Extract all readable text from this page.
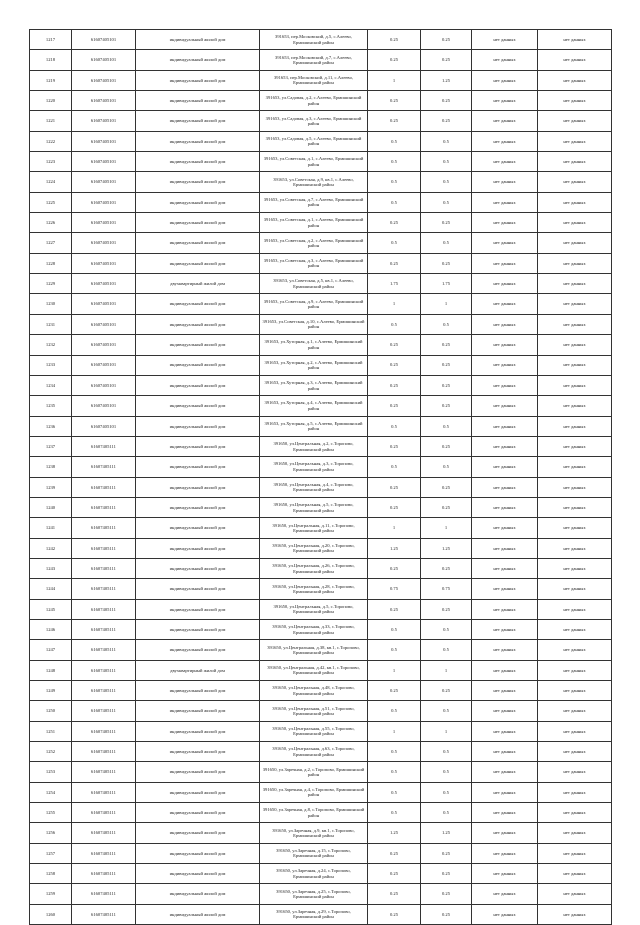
1217	61607405101	индивидуальный жилой дом	391653, пер.Московский, д.5, с.Алеево, Ермишинский район	0.25	0.25	нет данных	нет данных
1218	61607405101	индивидуальный жилой дом	391653, пер.Московский, д.7, с.Алеево, Ермишинский район	0.25	0.25	нет данных	нет данных
1219	61607405101	индивидуальный жилой дом	391653, пер.Московский, д.11, с.Алеево, Ермишинский район	1	1.25	нет данных	нет данных
1220	61607405101	индивидуальный жилой дом	391653, ул.Садовая, д.2, с.Алеево, Ермишинский район	0.25	0.25	нет данных	нет данных
1221	61607405101	индивидуальный жилой дом	391653, ул.Садовая, д.3, с.Алеево, Ермишинский район	0.25	0.25	нет данных	нет данных
1222	61607405101	индивидуальный жилой дом	391653, ул.Садовая, д.5, с.Алеево, Ермишинский район	0.5	0.5	нет данных	нет данных
1223	61607405101	индивидуальный жилой дом	391653, ул.Советская, д.1, с.Алеево, Ермишинский район	0.5	0.5	нет данных	нет данных
1224	61607405101	индивидуальный жилой дом	391653, ул.Советская, д.9, кв.1, с.Алеево, Ермишинский район	0.5	0.5	нет данных	нет данных
1225	61607405101	индивидуальный жилой дом	391653, ул.Советская, д.7, с.Алеево, Ермишинский район	0.5	0.5	нет данных	нет данных
1226	61607405101	индивидуальный жилой дом	391653, ул.Советская, д.1, с.Алеево, Ермишинский район	0.25	0.25	нет данных	нет данных
1227	61607405101	индивидуальный жилой дом	391653, ул.Советская, д.2, с.Алеево, Ермишинский район	0.5	0.5	нет данных	нет данных
1228	61607405101	индивидуальный жилой дом	391653, ул.Советская, д.3, с.Алеево, Ермишинский район	0.25	0.25	нет данных	нет данных
1229	61607405101	двухквартирный жилой дом	391653, ул.Советская, д.5, кв.1, с.Алеево, Ермишинский район	1.75	1.75	нет данных	нет данных
1230	61607405101	индивидуальный жилой дом	391653, ул.Советская, д.9, с.Алеево, Ермишинский район	1	1	нет данных	нет данных
1231	61607405101	индивидуальный жилой дом	391653, ул.Советская, д.10, с.Алеево, Ермишинский район	0.5	0.5	нет данных	нет данных
1232	61607405101	индивидуальный жилой дом	391653, ул.Хуторная, д.1, с.Алеево, Ермишинский район	0.25	0.25	нет данных	нет данных
1233	61607405101	индивидуальный жилой дом	391653, ул.Хуторная, д.2, с.Алеево, Ермишинский район	0.25	0.25	нет данных	нет данных
1234	61607405101	индивидуальный жилой дом	391653, ул.Хуторная, д.3, с.Алеево, Ермишинский район	0.25	0.25	нет данных	нет данных
1235	61607405101	индивидуальный жилой дом	391653, ул.Хуторная, д.4, с.Алеево, Ермишинский район	0.25	0.25	нет данных	нет данных
1236	61607405101	индивидуальный жилой дом	391653, ул.Хуторная, д.5, с.Алеево, Ермишинский район	0.5	0.5	нет данных	нет данных
1237	61607405111	индивидуальный жилой дом	391650, ул.Центральная, д.2, с.Торопово, Ермишинский район	0.25	0.25	нет данных	нет данных
1238	61607405111	индивидуальный жилой дом	391650, ул.Центральная, д.3, с.Торопово, Ермишинский район	0.5	0.5	нет данных	нет данных
1239	61607405111	индивидуальный жилой дом	391650, ул.Центральная, д.4, с.Торопово, Ермишинский район	0.25	0.25	нет данных	нет данных
1240	61607405111	индивидуальный жилой дом	391650, ул.Центральная, д.5, с.Торопово, Ермишинский район	0.25	0.25	нет данных	нет данных
1241	61607405111	индивидуальный жилой дом	391650, ул.Центральная, д.11, с.Торопово, Ермишинский район	1	1	нет данных	нет данных
1242	61607405111	индивидуальный жилой дом	391650, ул.Центральная, д.20, с.Торопово, Ермишинский район	1.25	1.25	нет данных	нет данных
1243	61607405111	индивидуальный жилой дом	391650, ул.Центральная, д.26, с.Торопово, Ермишинский район	0.25	0.25	нет данных	нет данных
1244	61607405111	индивидуальный жилой дом	391650, ул.Центральная, д.28, с.Торопово, Ермишинский район	0.75	0.75	нет данных	нет данных
1245	61607405111	индивидуальный жилой дом	391650, ул.Центральная, д.5, с.Торопово, Ермишинский район	0.25	0.25	нет данных	нет данных
1246	61607405111	индивидуальный жилой дом	391650, ул.Центральная, д.33, с.Торопово, Ермишинский район	0.5	0.5	нет данных	нет данных
1247	61607405111	индивидуальный жилой дом	391650, ул.Центральная, д.38, кв.1, с.Торопово, Ермишинский район	0.5	0.5	нет данных	нет данных
1248	61607405111	двухквартирный жилой дом	391650, ул.Центральная, д.42, кв.1, с.Торопово, Ермишинский район	1	1	нет данных	нет данных
1249	61607405111	индивидуальный жилой дом	391650, ул.Центральная, д.48, с.Торопово, Ермишинский район	0.25	0.25	нет данных	нет данных
1250	61607405111	индивидуальный жилой дом	391650, ул.Центральная, д.51, с.Торопово, Ермишинский район	0.5	0.5	нет данных	нет данных
1251	61607405111	индивидуальный жилой дом	391650, ул.Центральная, д.55, с.Торопово, Ермишинский район	1	1	нет данных	нет данных
1252	61607405111	индивидуальный жилой дом	391650, ул.Центральная, д.63, с.Торопово, Ермишинский район	0.5	0.5	нет данных	нет данных
1253	61607405111	индивидуальный жилой дом	391650, ул.Заречная, д.2, с.Торопово, Ермишинский район	0.5	0.5	нет данных	нет данных
1254	61607405111	индивидуальный жилой дом	391650, ул.Заречная, д.4, с.Торопово, Ермишинский район	0.5	0.5	нет данных	нет данных
1255	61607405111	индивидуальный жилой дом	391650, ул.Заречная, д.8, с.Торопово, Ермишинский район	0.5	0.5	нет данных	нет данных
1256	61607405111	индивидуальный жилой дом	391650, ул.Заречная, д.9, кв.1, с.Торопово, Ермишинский район	1.25	1.25	нет данных	нет данных
1257	61607405111	индивидуальный жилой дом	391650, ул.Заречная, д.15, с.Торопово, Ермишинский район	0.25	0.25	нет данных	нет данных
1258	61607405111	индивидуальный жилой дом	391650, ул.Заречная, д.24, с.Торопово, Ермишинский район	0.25	0.25	нет данных	нет данных
1259	61607405111	индивидуальный жилой дом	391650, ул.Заречная, д.25, с.Торопово, Ермишинский район	0.25	0.25	нет данных	нет данных
1260	61607405111	индивидуальный жилой дом	391650, ул.Заречная, д.29, с.Торопово, Ермишинский район	0.25	0.25	нет данных	нет данных
